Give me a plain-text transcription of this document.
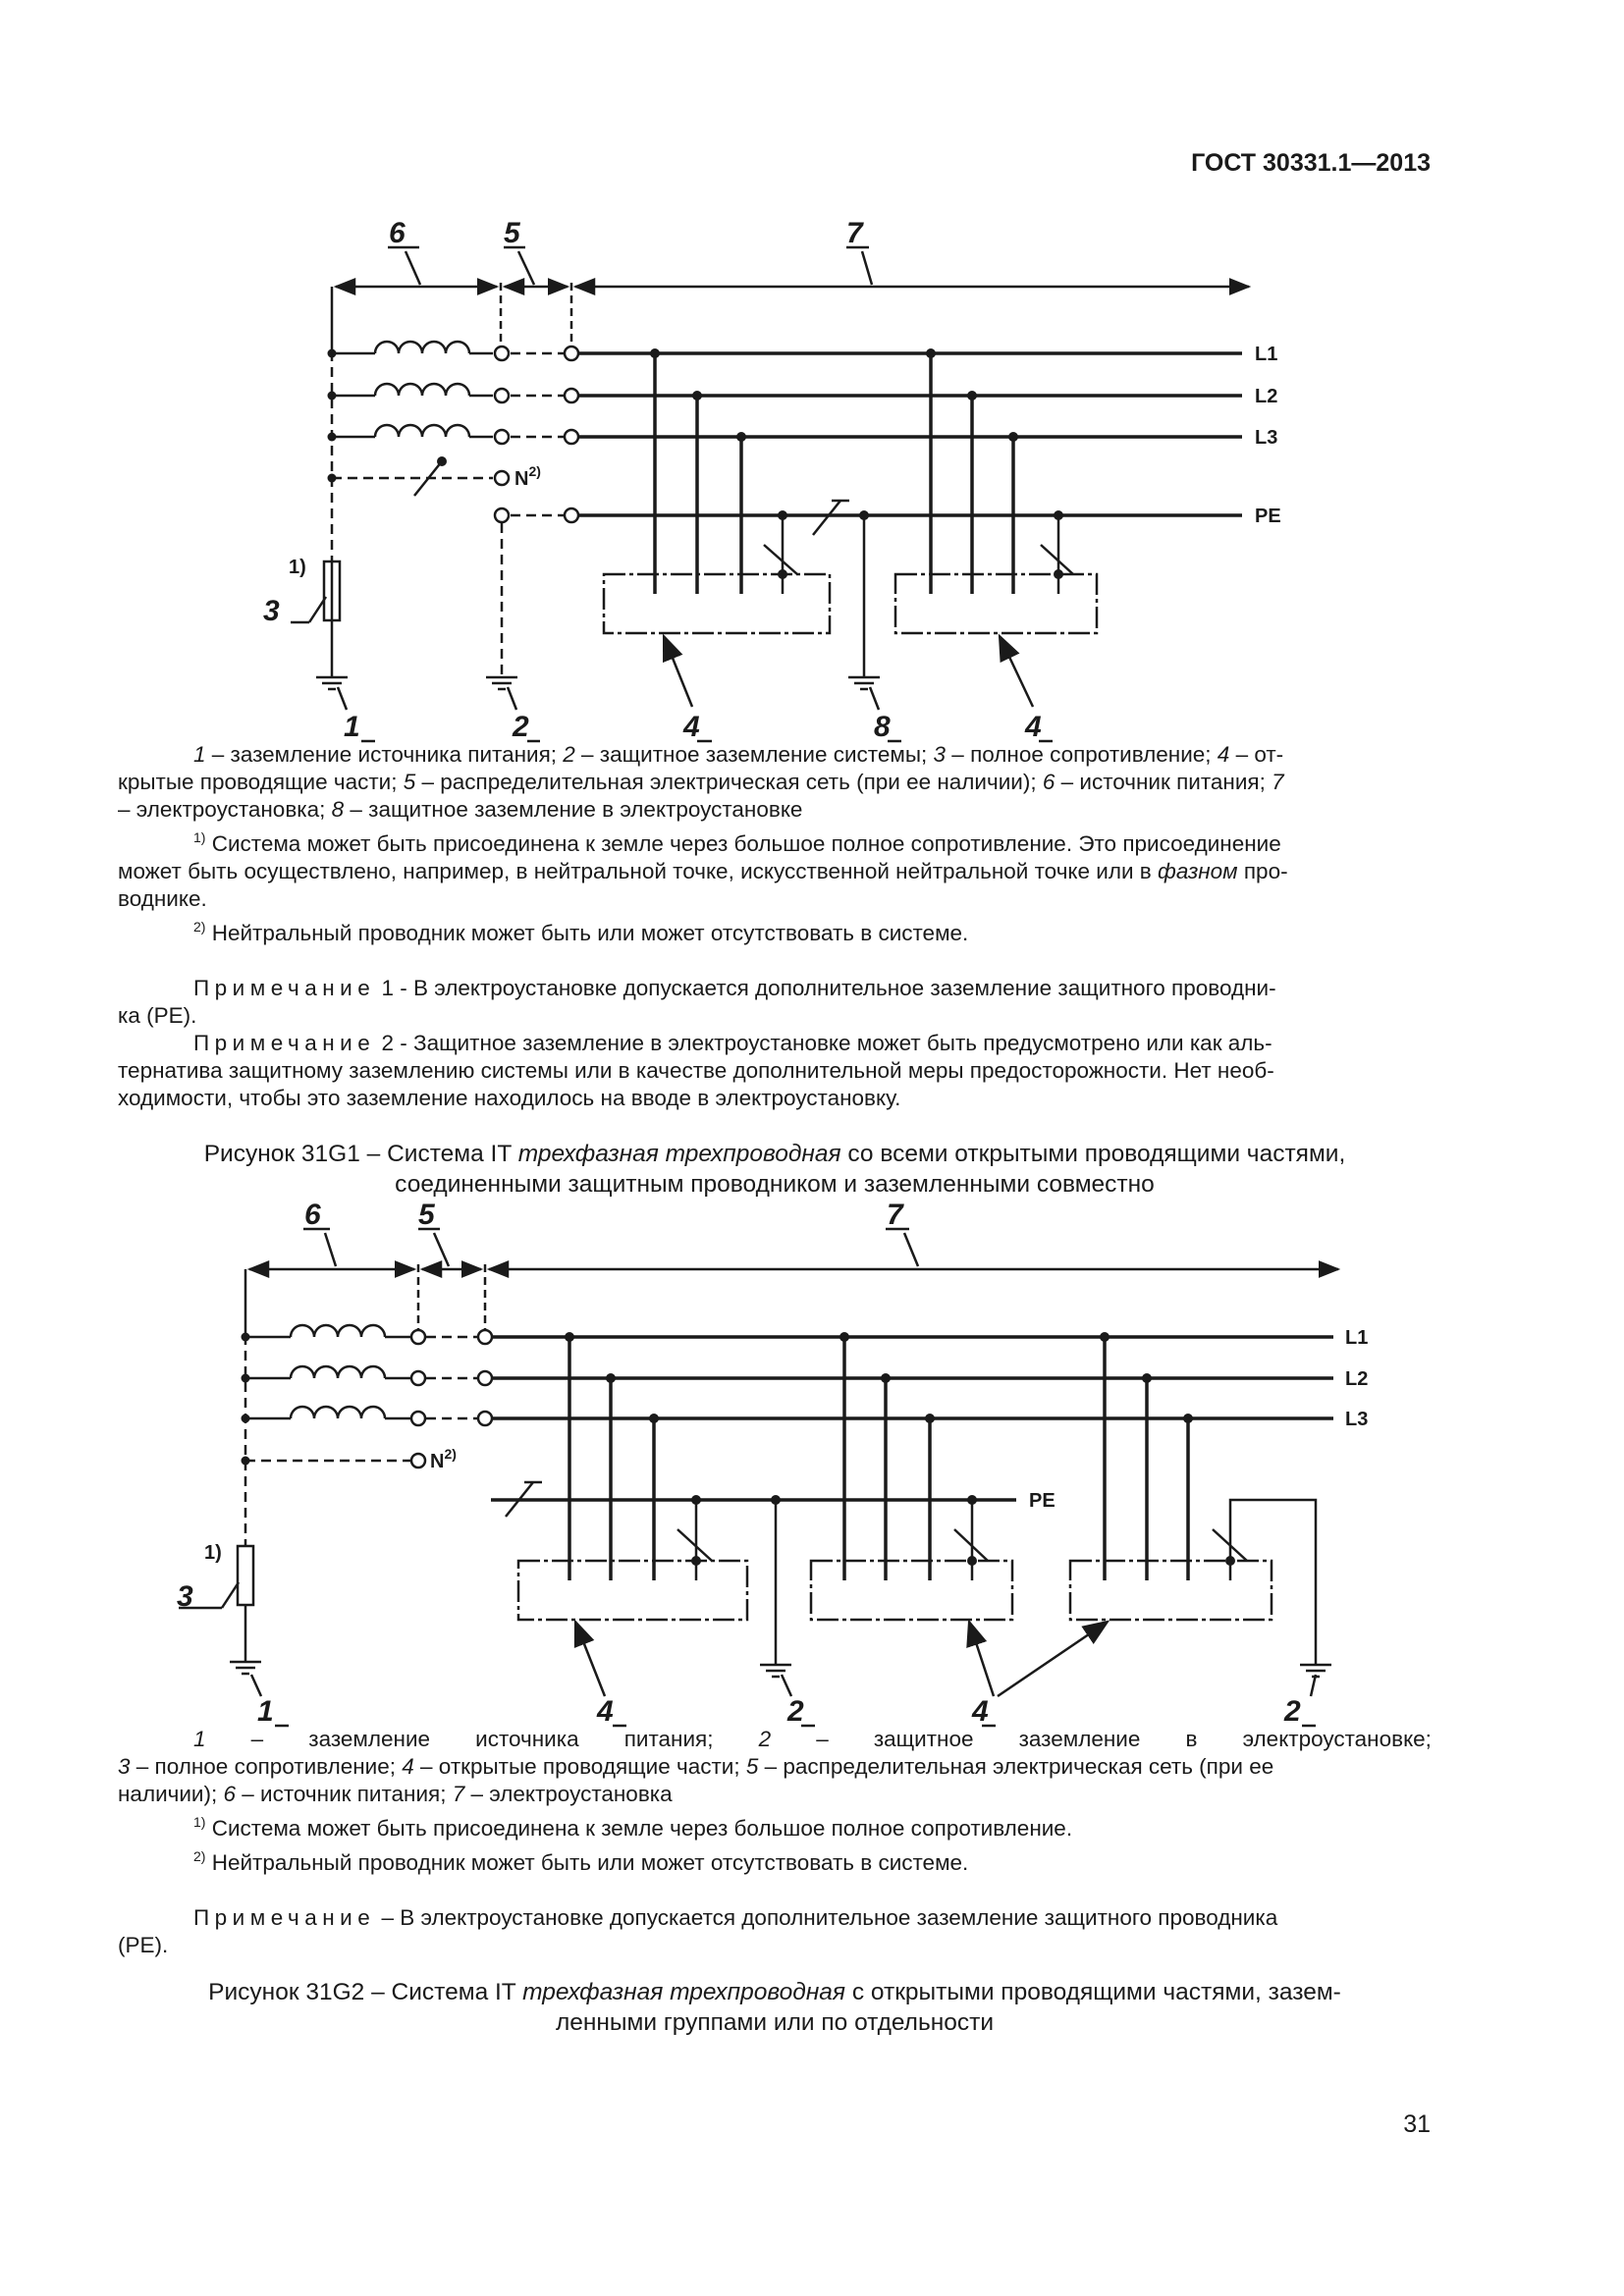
ГОСТ 30331.1—2013
6	5	7
3
1	2	4	8	4
1)
$N^{2)}$
L1
L2
L3
PE

1 – заземление источника питания; 2 – защитное заземление системы; 3 – полное сопротивление; 4 – от-

крытые проводящие части; 5 – распределительная электрическая сеть (при ее наличии); 6 – источник питания; 7

– электроустановка; 8 – защитное заземление в электроустановке

$^{1)}$ Система может быть присоединена к земле через большое полное сопротивление. Это присоединение

может быть осуществлено, например, в нейтральной точке, искусственной нейтральной точке или в фазном про-

воднике.

$^{2)}$ Нейтральный проводник может быть или может отсутствовать в системе.

Примечание 1 - В электроустановке допускается дополнительное заземление защитного проводни-

ка (PE).

Примечание 2 - Защитное заземление в электроустановке может быть предусмотрено или как аль-

тернатива защитному заземлению системы или в качестве дополнительной меры предосторожности. Нет необ-

ходимости, чтобы это заземление находилось на вводе в электроустановку.

Рисунок 31G1 – Система IT трехфазная трехпроводная со всеми открытыми проводящими частями,

соединенными защитным проводником и заземленными совместно

6	5	7
3
1	4	2	4	2
1)
$N^{2)}$
L1
L2
L3
PE

1 – заземление источника питания; 2 – защитное заземление в электроустановке;

3 – полное сопротивление; 4 – открытые проводящие части; 5 – распределительная электрическая сеть (при ее

наличии); 6 – источник питания; 7 – электроустановка

$^{1)}$ Система может быть присоединена к земле через большое полное сопротивление.

$^{2)}$ Нейтральный проводник может быть или может отсутствовать в системе.

Примечание – В электроустановке допускается дополнительное заземление защитного проводника

(PE).

Рисунок 31G2 – Система IT трехфазная трехпроводная с открытыми проводящими частями, зазем-

ленными группами или по отдельности

31
